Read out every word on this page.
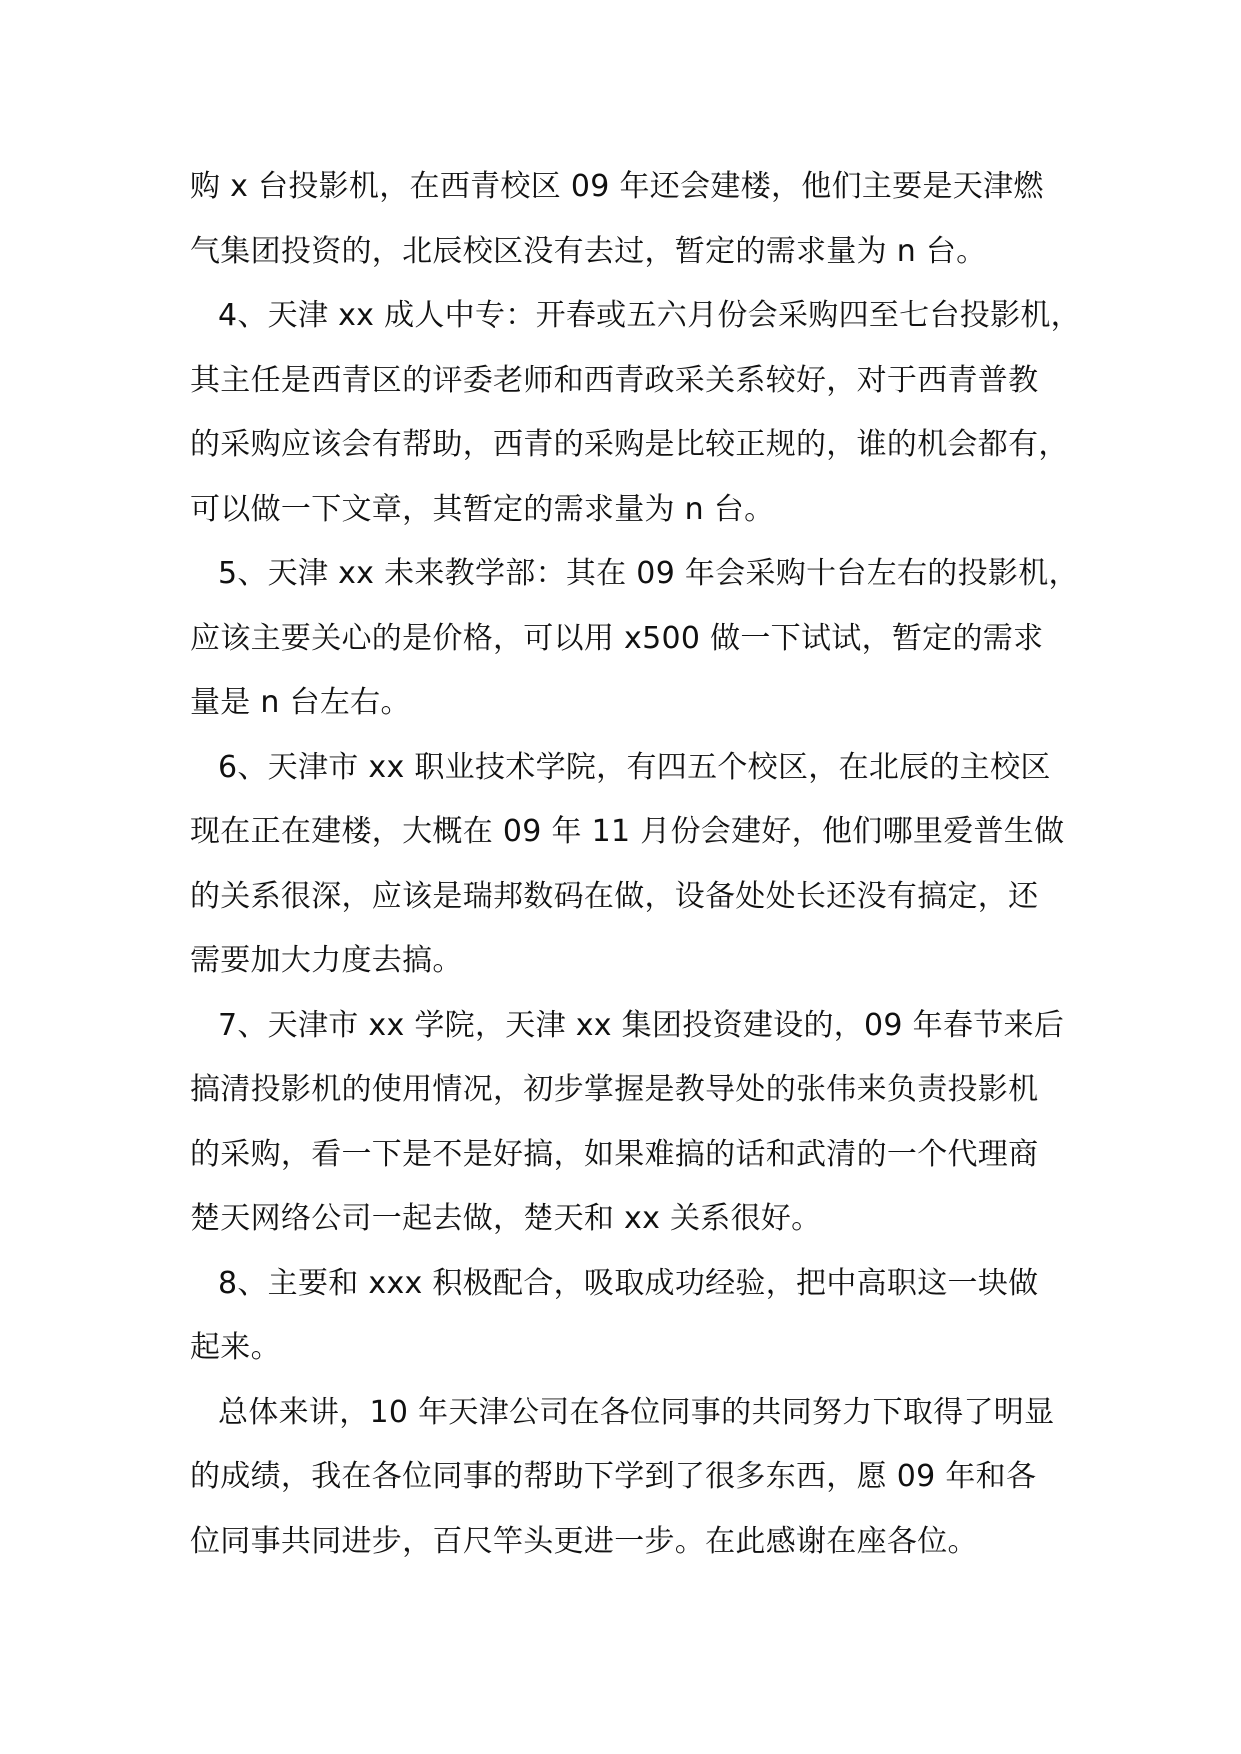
购 x 台投影机，在西青校区 09 年还会建楼，他们主要是天津燃
气集团投资的，北辰校区没有去过，暂定的需求量为 n 台。
4、天津 xx 成人中专：开春或五六月份会采购四至七台投影机，
其主任是西青区的评委老师和西青政采关系较好，对于西青普教
的采购应该会有帮助，西青的采购是比较正规的，谁的机会都有，
可以做一下文章，其暂定的需求量为 n 台。
5、天津 xx 未来教学部：其在 09 年会采购十台左右的投影机，
应该主要关心的是价格，可以用 x500 做一下试试，暂定的需求
量是 n 台左右。
6、天津市 xx 职业技术学院，有四五个校区，在北辰的主校区
现在正在建楼，大概在 09 年 11 月份会建好，他们哪里爱普生做
的关系很深，应该是瑞邦数码在做，设备处处长还没有搞定，还
需要加大力度去搞。
7、天津市 xx 学院，天津 xx 集团投资建设的，09 年春节来后
搞清投影机的使用情况，初步掌握是教导处的张伟来负责投影机
的采购，看一下是不是好搞，如果难搞的话和武清的一个代理商
楚天网络公司一起去做，楚天和 xx 关系很好。
8、主要和 xxx 积极配合，吸取成功经验，把中高职这一块做
起来。
总体来讲，10 年天津公司在各位同事的共同努力下取得了明显
的成绩，我在各位同事的帮助下学到了很多东西，愿 09 年和各
位同事共同进步，百尺竿头更进一步。在此感谢在座各位。
